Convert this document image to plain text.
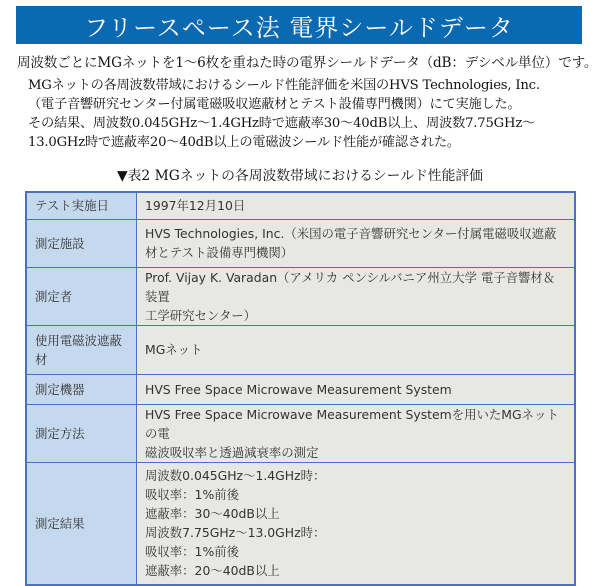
フリースペース法 電界シールドデータ
周波数ごとにMGネットを1～6枚を重ねた時の電界シールドデータ（dB：デシベル単位）です。
MGネットの各周波数帯域におけるシールド性能評価を米国のHVS Technologies, Inc.
（電子音響研究センター付属電磁吸収遮蔽材とテスト設備専門機関）にて実施した。
その結果、周波数0.045GHz～1.4GHz時で遮蔽率30～40dB以上、周波数7.75GHz～
13.0GHz時で遮蔽率20～40dB以上の電磁波シールド性能が確認された。
▼表2 MGネットの各周波数帯域におけるシールド性能評価
テスト実施日	1997年12月10日

測定施設	HVS Technologies, Inc.（米国の電子音響研究センター付属電磁吸収遮蔽
材とテスト設備専門機関）

測定者	Prof. Vijay K. Varadan（アメリカ ペンシルバニア州立大学 電子音響材＆装置
工学研究センター）

使用電磁波遮蔽材	MGネット

測定機器	HVS Free Space Microwave Measurement System

測定方法	HVS Free Space Microwave Measurement Systemを用いたMGネットの電
磁波吸収率と透過減衰率の測定

測定結果	
周波数0.045GHz～1.4GHz時：
吸収率：1%前後
遮蔽率：30～40dB以上
周波数7.75GHz～13.0GHz時：
吸収率：1%前後
遮蔽率：20～40dB以上
